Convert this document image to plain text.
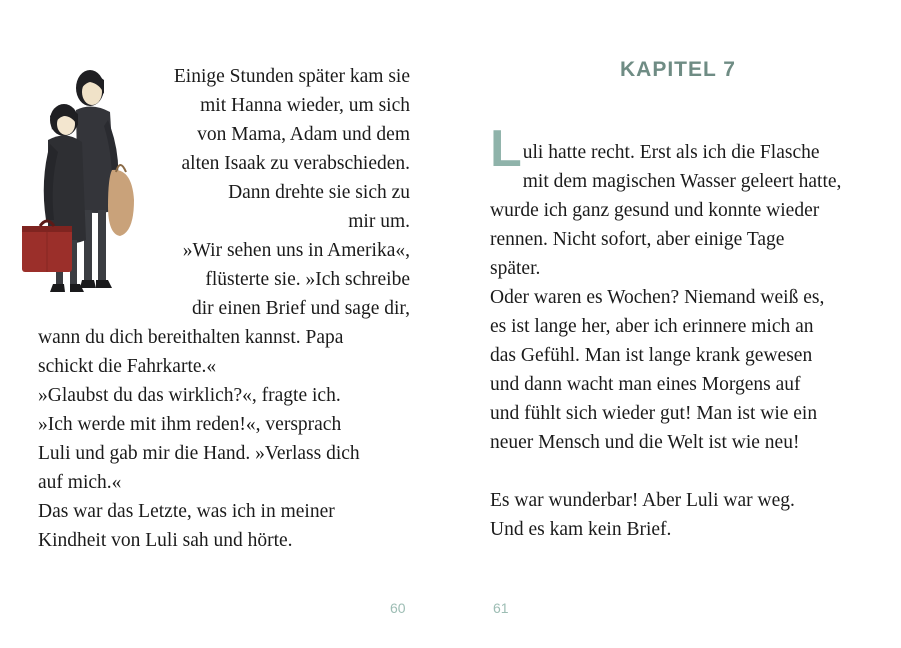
Einige Stunden später kam sie
mit Hanna wieder, um sich
von Mama, Adam und dem
alten Isaak zu verabschieden.
Dann drehte sie sich zu
mir um.
»Wir sehen uns in Amerika«,
flüsterte sie. »Ich schreibe
dir einen Brief und sage dir,
wann du dich bereithalten kannst. Papa
schickt die Fahrkarte.«
»Glaubst du das wirklich?«, fragte ich.
»Ich werde mit ihm reden!«, versprach
Luli und gab mir die Hand. »Verlass dich
auf mich.«
Das war das Letzte, was ich in meiner
Kindheit von Luli sah und hörte.
60
KAPITEL 7
L uli hatte recht. Erst als ich die Flasche
mit dem magischen Wasser geleert hatte,
wurde ich ganz gesund und konnte wieder
rennen. Nicht sofort, aber einige Tage
später.
Oder waren es Wochen? Niemand weiß es,
es ist lange her, aber ich erinnere mich an
das Gefühl. Man ist lange krank gewesen
und dann wacht man eines Morgens auf
und fühlt sich wieder gut! Man ist wie ein
neuer Mensch und die Welt ist wie neu!
Es war wunderbar! Aber Luli war weg.
Und es kam kein Brief.
61
